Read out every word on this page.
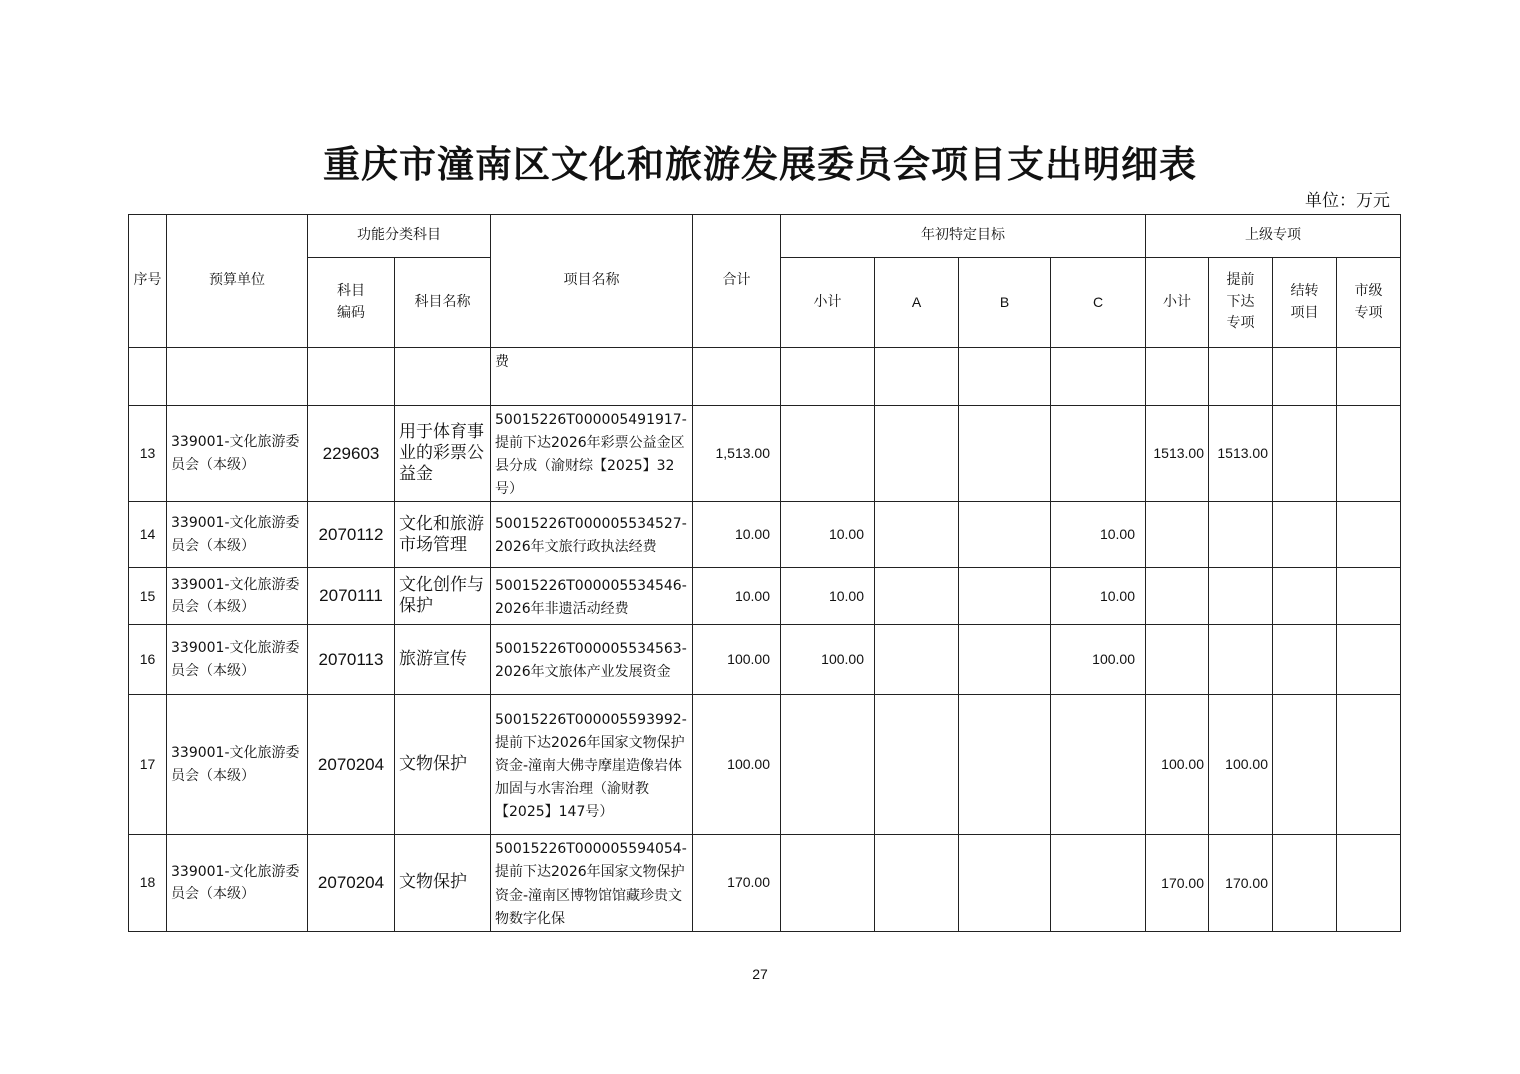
重庆市潼南区文化和旅游发展委员会项目支出明细表
单位：万元
序号	预算单位	功能分类科目		项目名称	合计	年初特定目标				上级专项			

		科目编码	科目名称			小计	A	B	C	小计	提前下达专项	结转项目	市级专项

				费									
13	339001-文化旅游委员会（本级）	229603	用于体育事业的彩票公益金	50015226T000005491917-提前下达2026年彩票公益金区县分成（渝财综【2025】32号）	1,513.00					1513.00	1513.00		
14	339001-文化旅游委员会（本级）	2070112	文化和旅游市场管理	50015226T000005534527-2026年文旅行政执法经费	10.00	10.00			10.00				
15	339001-文化旅游委员会（本级）	2070111	文化创作与保护	50015226T000005534546-2026年非遗活动经费	10.00	10.00			10.00				
16	339001-文化旅游委员会（本级）	2070113	旅游宣传	50015226T000005534563-2026年文旅体产业发展资金	100.00	100.00			100.00				
17	339001-文化旅游委员会（本级）	2070204	文物保护	50015226T000005593992-提前下达2026年国家文物保护资金-潼南大佛寺摩崖造像岩体加固与水害治理（渝财教【2025】147号）	100.00					100.00	100.00		
18	339001-文化旅游委员会（本级）	2070204	文物保护	50015226T000005594054-提前下达2026年国家文物保护资金-潼南区博物馆馆藏珍贵文物数字化保	170.00					170.00	170.00		
27
